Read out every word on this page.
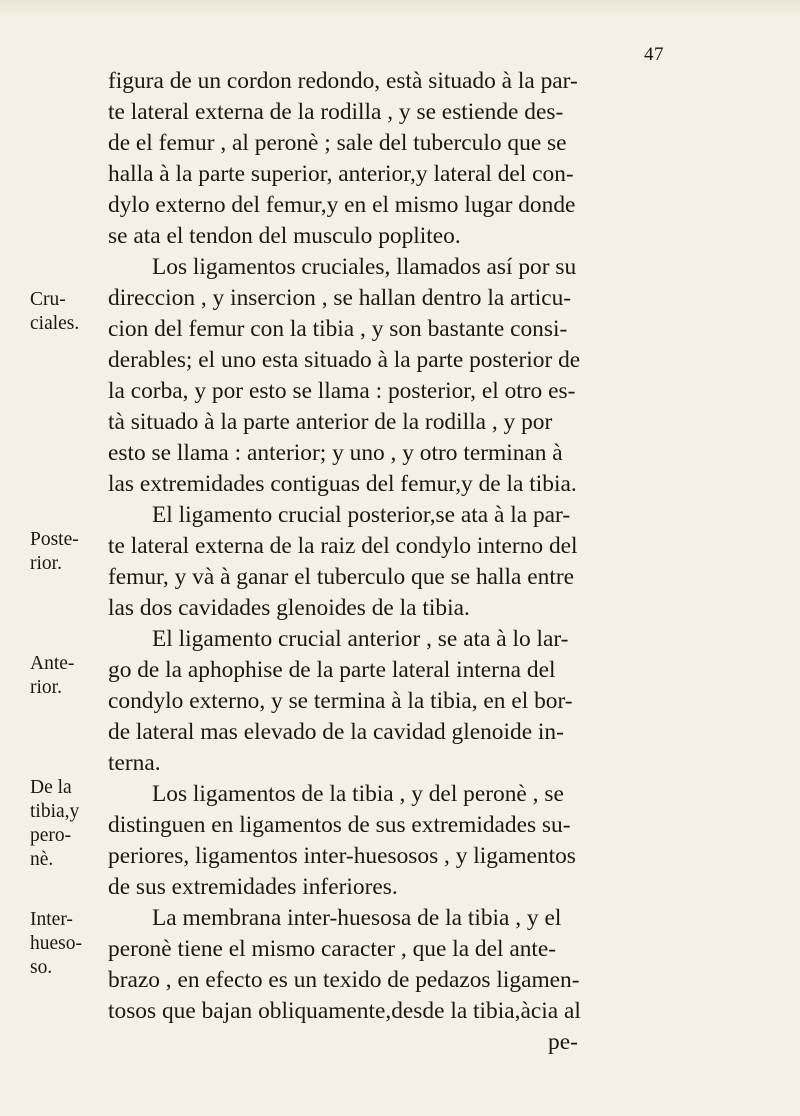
47
figura de un cordon redondo, està situado à la par-
te lateral externa de la rodilla , y se estiende des-
de el femur , al peronè ; sale del tuberculo que se
halla à la parte superior, anterior,y lateral del con-
dylo externo del femur,y en el mismo lugar donde
se ata el tendon del musculo popliteo.
Los ligamentos cruciales, llamados así por su
direccion , y insercion , se hallan dentro la articu-
cion del femur con la tibia , y son bastante consi-
derables; el uno esta situado à la parte posterior de
la corba, y por esto se llama : posterior, el otro es-
tà situado à la parte anterior de la rodilla , y por
esto se llama : anterior; y uno , y otro terminan à
las extremidades contiguas del femur,y de la tibia.
El ligamento crucial posterior,se ata à la par-
te lateral externa de la raiz del condylo interno del
femur, y và à ganar el tuberculo que se halla entre
las dos cavidades glenoides de la tibia.
El ligamento crucial anterior , se ata à lo lar-
go de la aphophise de la parte lateral interna del
condylo externo, y se termina à la tibia, en el bor-
de lateral mas elevado de la cavidad glenoide in-
terna.
Los ligamentos de la tibia , y del peronè , se
distinguen en ligamentos de sus extremidades su-
periores, ligamentos inter-huesosos , y ligamentos
de sus extremidades inferiores.
La membrana inter-huesosa de la tibia , y el
peronè tiene el mismo caracter , que la del ante-
brazo , en efecto es un texido de pedazos ligamen-
tosos que bajan obliquamente,desde la tibia,àcia al
pe-
Cru-
ciales.
Poste-
rior.
Ante-
rior.
De la
tibia,y
pero-
nè.
Inter-
hueso-
so.
